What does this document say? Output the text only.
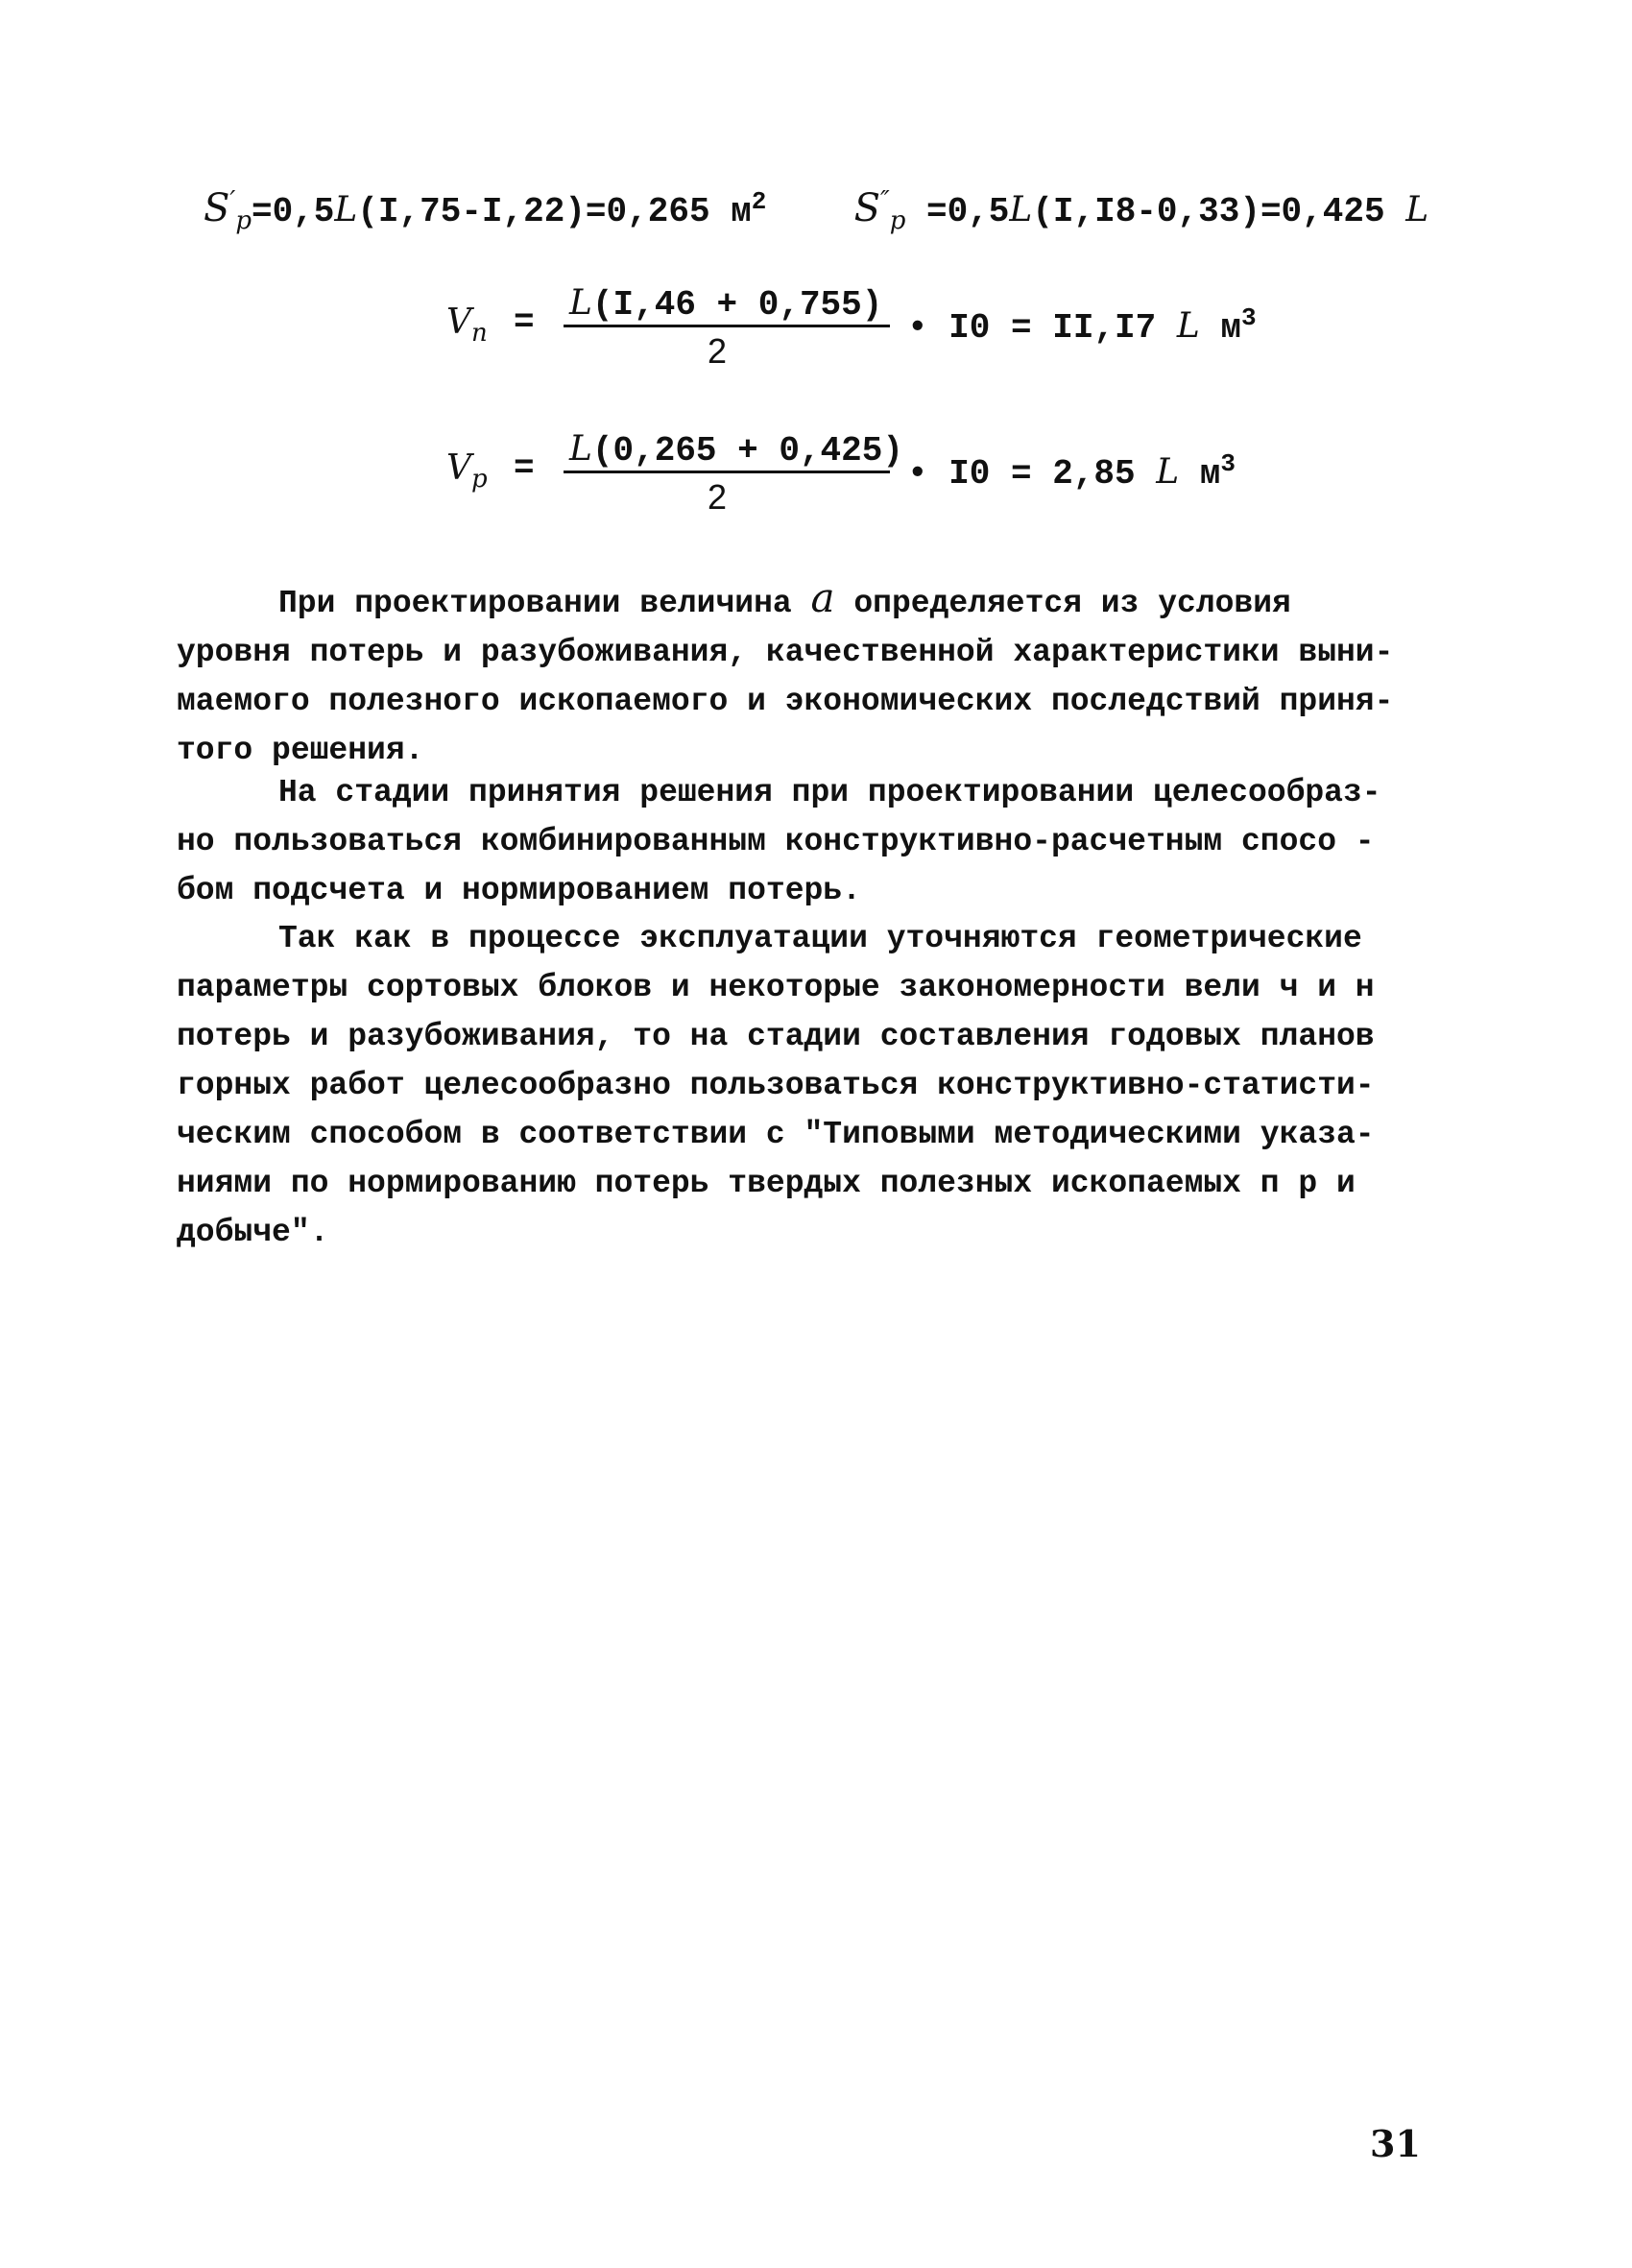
$S'_р=0,5L(I,75-I,22)=0,265$ $м^2$ $S''_р =0,5L(I,I8-0,33)=0,425$ L
$V_п = L(I,46 + 0,755)$
2
• I0 = II,I7 L $м^3$
$V_р = L(0,265 + 0,425)$
2
• I0 = 2,85 L $м^3$

При проектировании величина a определяется из условия
уровня потерь и разубоживания, качественной характеристики выни-
маемого полезного ископаемого и экономических последствий приня-
того решения.

На стадии принятия решения при проектировании целесообраз-
но пользоваться комбинированным конструктивно-расчетным спосо -
бом подсчета и нормированием потерь.

Так как в процессе эксплуатации уточняются геометрические
параметры сортовых блоков и некоторые закономерности вели ч и н
потерь и разубоживания, то на стадии составления годовых планов
горных работ целесообразно пользоваться конструктивно-статисти-
ческим способом в соответствии с "Типовыми методическими указа-
ниями по нормированию потерь твердых полезных ископаемых п р и
добыче".

31
